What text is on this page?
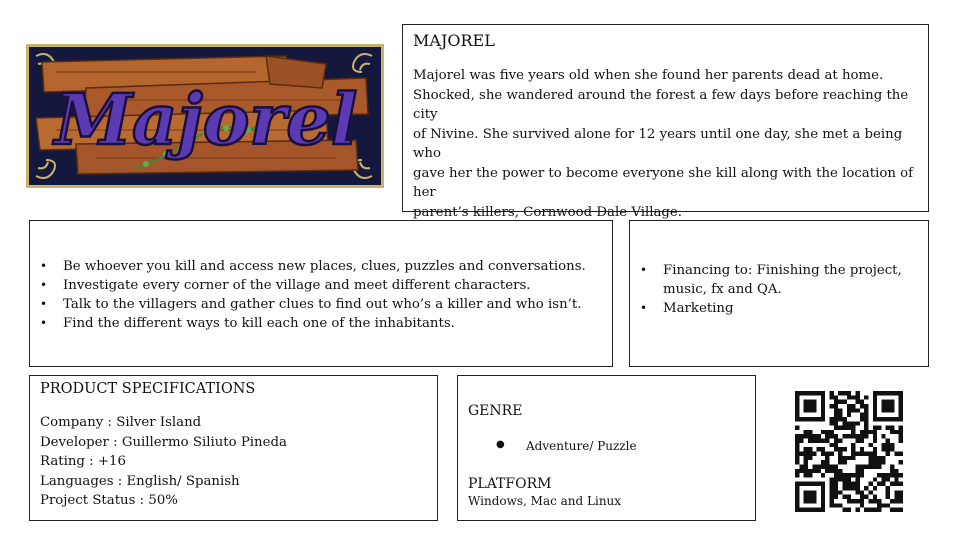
Majorel
MAJOREL

Majorel was five years old when she found her parents dead at home.
Shocked, she wandered around the forest a few days before reaching the city
of Nivine. She survived alone for 12 years until one day, she met a being who
gave her the power to become everyone she kill along with the location of her
parent’s killers, Cornwood Dale Village.

• Be whoever you kill and access new places, clues, puzzles and conversations.
• Investigate every corner of the village and meet different characters.
• Talk to the villagers and gather clues to find out who’s a killer and who isn’t.
• Find the different ways to kill each one of the inhabitants.
• Financing to: Finishing the project, music, fx and QA.
• Marketing
PRODUCT SPECIFICATIONS
Company : Silver Island
Developer : Guillermo Siliuto Pineda
Rating : +16
Languages : English/ Spanish
Project Status : 50%
GENRE
● Adventure/ Puzzle
PLATFORM
Windows, Mac and Linux
